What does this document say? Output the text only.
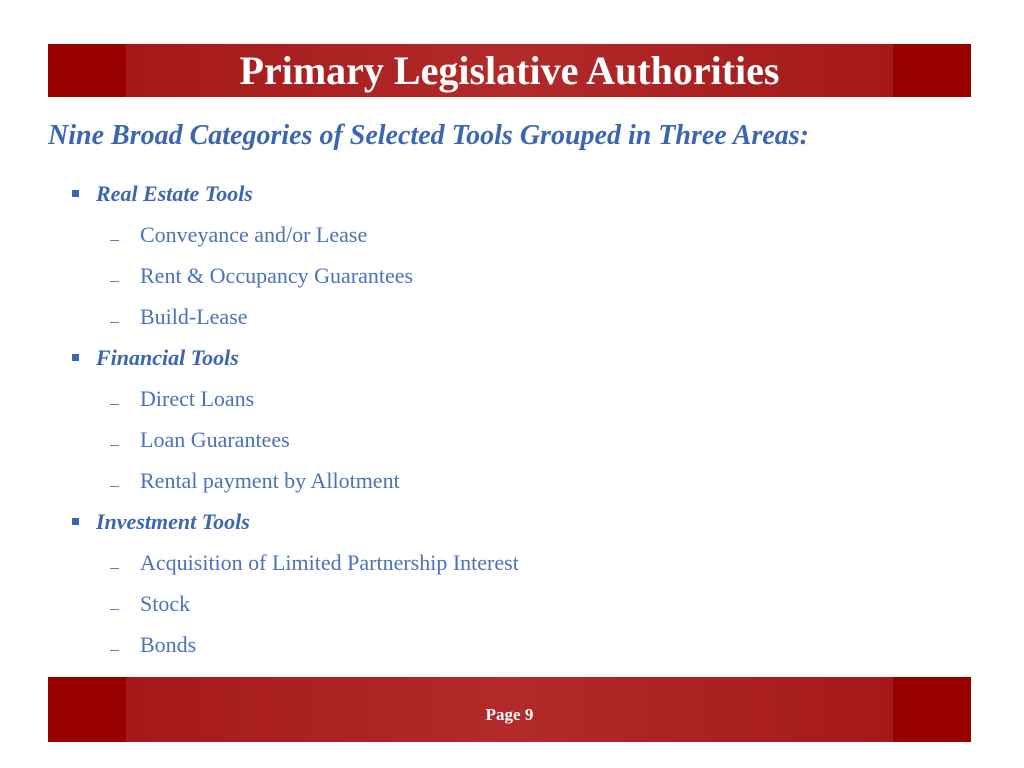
Primary Legislative Authorities

Nine Broad Categories of Selected Tools Grouped in Three Areas:

Real Estate Tools
Conveyance and/or Lease
Rent & Occupancy Guarantees
Build-Lease
Financial Tools
Direct Loans
Loan Guarantees
Rental payment by Allotment
Investment Tools
Acquisition of Limited Partnership Interest
Stock
Bonds
Page 9
